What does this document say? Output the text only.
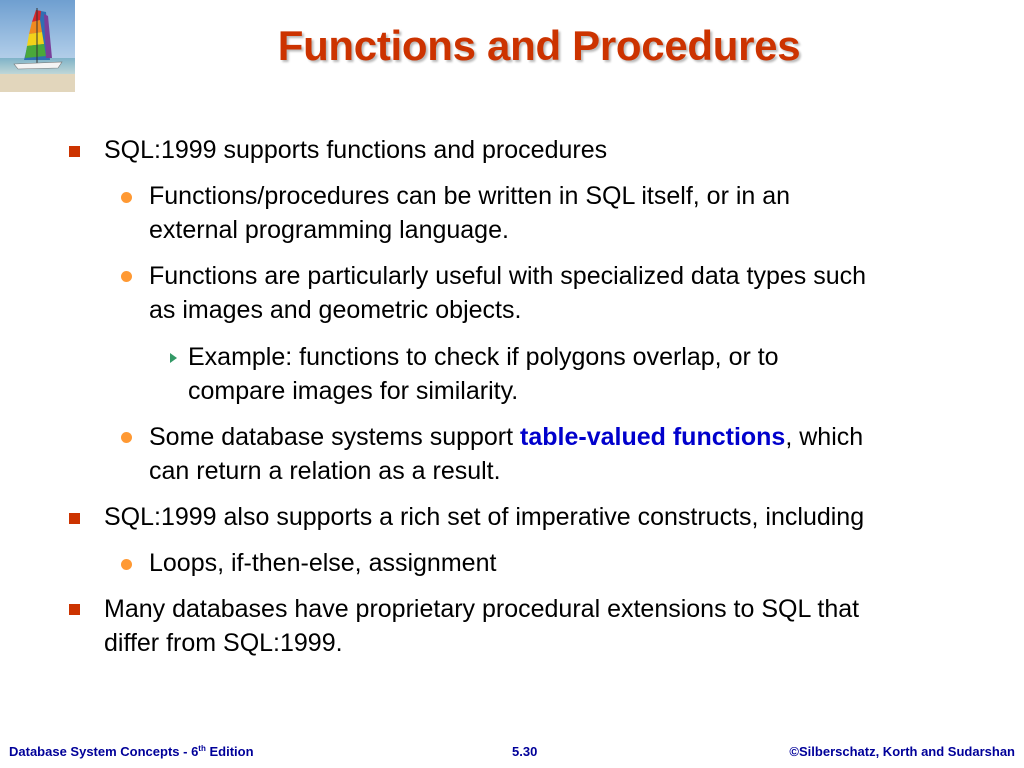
Functions and Procedures
SQL:1999 supports functions and procedures
Functions/procedures can be written in SQL itself, or in an
external programming language.
Functions are particularly useful with specialized data types such
as images and geometric objects.
Example: functions to check if polygons overlap, or to
compare images for similarity.
Some database systems support table-valued functions, which
can return a relation as a result.
SQL:1999 also supports a rich set of imperative constructs, including
Loops, if-then-else, assignment
Many databases have proprietary procedural extensions to SQL that
differ from SQL:1999.
Database System Concepts - 6th Edition	5.30	©Silberschatz, Korth and Sudarshan
